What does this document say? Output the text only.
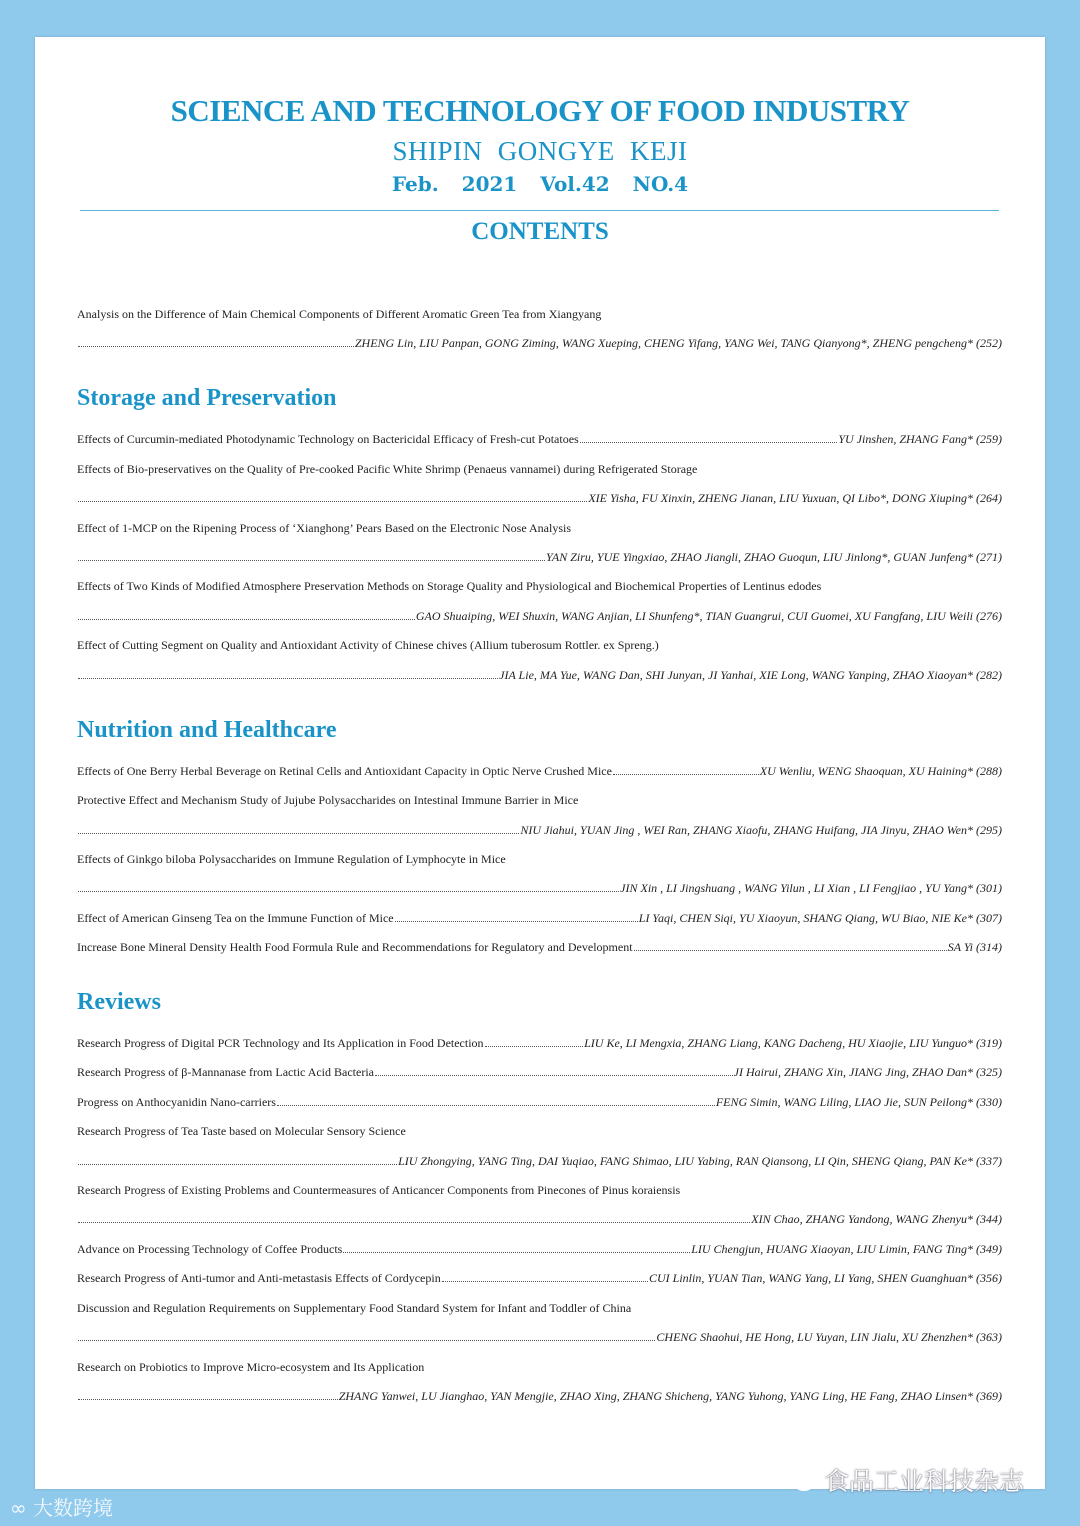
SCIENCE AND TECHNOLOGY OF FOOD INDUSTRY
SHIPIN GONGYE KEJI
Feb. 2021 Vol.42 NO.4
CONTENTS
Analysis on the Difference of Main Chemical Components of Different Aromatic Green Tea from Xiangyang
ZHENG Lin, LIU Panpan, GONG Ziming, WANG Xueping, CHENG Yifang, YANG Wei, TANG Qianyong*, ZHENG pengcheng* (252)
Storage and Preservation
Effects of Curcumin-mediated Photodynamic Technology on Bactericidal Efficacy of Fresh-cut Potatoes	YU Jinshen, ZHANG Fang* (259)
Effects of Bio-preservatives on the Quality of Pre-cooked Pacific White Shrimp (Penaeus vannamei) during Refrigerated Storage
XIE Yisha, FU Xinxin, ZHENG Jianan, LIU Yuxuan, QI Libo*, DONG Xiuping* (264)
Effect of 1-MCP on the Ripening Process of ‘Xianghong’ Pears Based on the Electronic Nose Analysis
YAN Ziru, YUE Yingxiao, ZHAO Jiangli, ZHAO Guoqun, LIU Jinlong*, GUAN Junfeng* (271)
Effects of Two Kinds of Modified Atmosphere Preservation Methods on Storage Quality and Physiological and Biochemical Properties of Lentinus edodes
GAO Shuaiping, WEI Shuxin, WANG Anjian, LI Shunfeng*, TIAN Guangrui, CUI Guomei, XU Fangfang, LIU Weili (276)
Effect of Cutting Segment on Quality and Antioxidant Activity of Chinese chives (Allium tuberosum Rottler. ex Spreng.)
JIA Lie, MA Yue, WANG Dan, SHI Junyan, JI Yanhai, XIE Long, WANG Yanping, ZHAO Xiaoyan* (282)
Nutrition and Healthcare
Effects of One Berry Herbal Beverage on Retinal Cells and Antioxidant Capacity in Optic Nerve Crushed Mice	XU Wenliu, WENG Shaoquan, XU Haining* (288)
Protective Effect and Mechanism Study of Jujube Polysaccharides on Intestinal Immune Barrier in Mice
NIU Jiahui, YUAN Jing , WEI Ran, ZHANG Xiaofu, ZHANG Huifang, JIA Jinyu, ZHAO Wen* (295)
Effects of Ginkgo biloba Polysaccharides on Immune Regulation of Lymphocyte in Mice
JIN Xin , LI Jingshuang , WANG Yilun , LI Xian , LI Fengjiao , YU Yang* (301)
Effect of American Ginseng Tea on the Immune Function of Mice	LI Yaqi, CHEN Siqi, YU Xiaoyun, SHANG Qiang, WU Biao, NIE Ke* (307)
Increase Bone Mineral Density Health Food Formula Rule and Recommendations for Regulatory and Development	SA Yi (314)
Reviews
Research Progress of Digital PCR Technology and Its Application in Food Detection	LIU Ke, LI Mengxia, ZHANG Liang, KANG Dacheng, HU Xiaojie, LIU Yunguo* (319)
Research Progress of β-Mannanase from Lactic Acid Bacteria	JI Hairui, ZHANG Xin, JIANG Jing, ZHAO Dan* (325)
Progress on Anthocyanidin Nano-carriers	FENG Simin, WANG Liling, LIAO Jie, SUN Peilong* (330)
Research Progress of Tea Taste based on Molecular Sensory Science
LIU Zhongying, YANG Ting, DAI Yuqiao, FANG Shimao, LIU Yabing, RAN Qiansong, LI Qin, SHENG Qiang, PAN Ke* (337)
Research Progress of Existing Problems and Countermeasures of Anticancer Components from Pinecones of Pinus koraiensis
XIN Chao, ZHANG Yandong, WANG Zhenyu* (344)
Advance on Processing Technology of Coffee Products	LIU Chengjun, HUANG Xiaoyan, LIU Limin, FANG Ting* (349)
Research Progress of Anti-tumor and Anti-metastasis Effects of Cordycepin	CUI Linlin, YUAN Tian, WANG Yang, LI Yang, SHEN Guanghuan* (356)
Discussion and Regulation Requirements on Supplementary Food Standard System for Infant and Toddler of China
CHENG Shaohui, HE Hong, LU Yuyan, LIN Jialu, XU Zhenzhen* (363)
Research on Probiotics to Improve Micro-ecosystem and Its Application
ZHANG Yanwei, LU Jianghao, YAN Mengjie, ZHAO Xing, ZHANG Shicheng, YANG Yuhong, YANG Ling, HE Fang, ZHAO Linsen* (369)
∞ 大数跨境
食品工业科技杂志
